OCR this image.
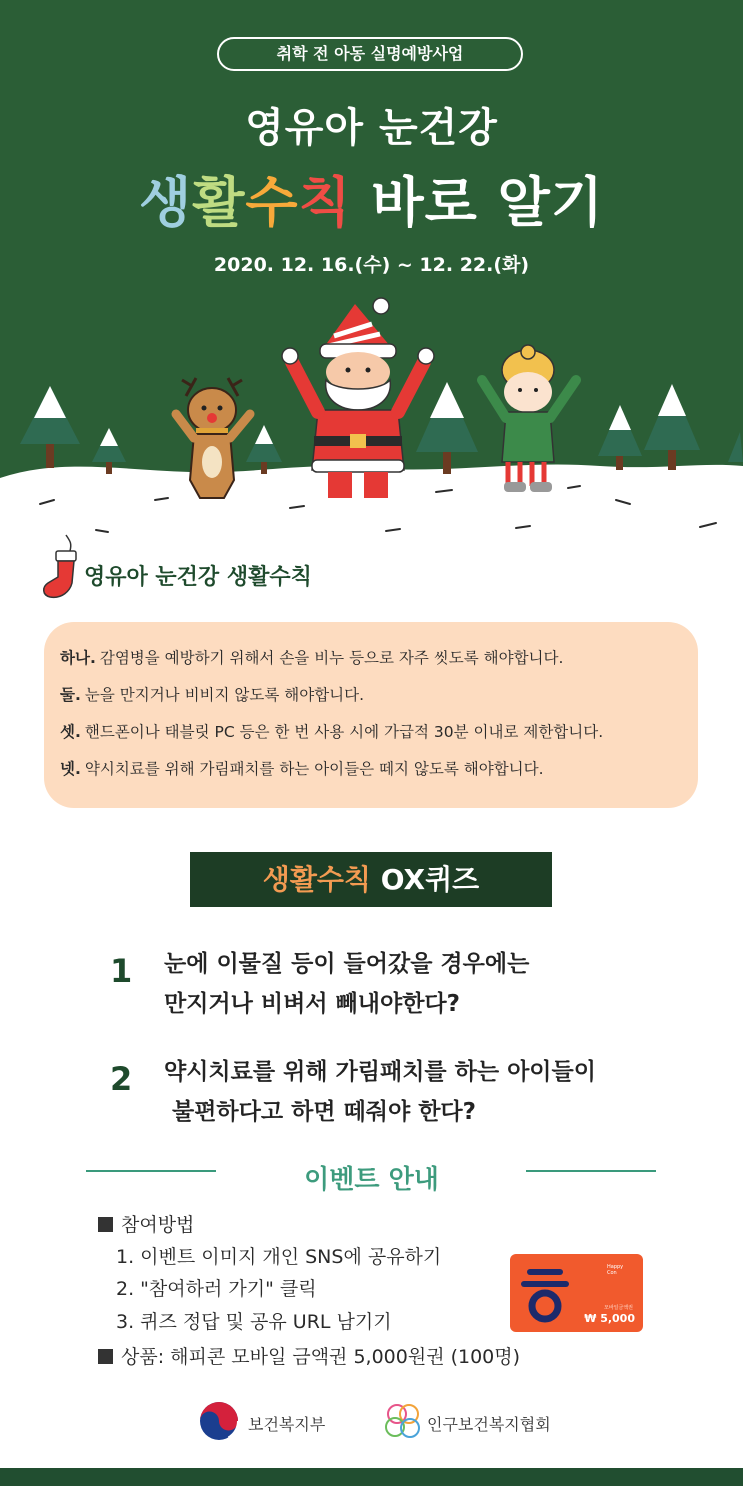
취학 전 아동 실명예방사업
영유아 눈건강
생활수칙 바로 알기
2020. 12. 16.(수) ~ 12. 22.(화)
영유아 눈건강 생활수칙
하나. 감염병을 예방하기 위해서 손을 비누 등으로 자주 씻도록 해야합니다.
둘. 눈을 만지거나 비비지 않도록 해야합니다.
셋. 핸드폰이나 태블릿 PC 등은 한 번 사용 시에 가급적 30분 이내로 제한합니다.
넷. 약시치료를 위해 가림패치를 하는 아이들은 떼지 않도록 해야합니다.
생활수칙 OX퀴즈
1 눈에 이물질 등이 들어갔을 경우에는
만지거나 비벼서 빼내야한다?
2 약시치료를 위해 가림패치를 하는 아이들이
불편하다고 하면 떼줘야 한다?
이벤트 안내
참여방법
1. 이벤트 이미지 개인 SNS에 공유하기
2. "참여하러 가기" 클릭
3. 퀴즈 정답 및 공유 URL 남기기
상품: 해피콘 모바일 금액권 5,000원권 (100명)
Happy Con
모바일금액권
₩ 5,000
보건복지부	인구보건복지협회
